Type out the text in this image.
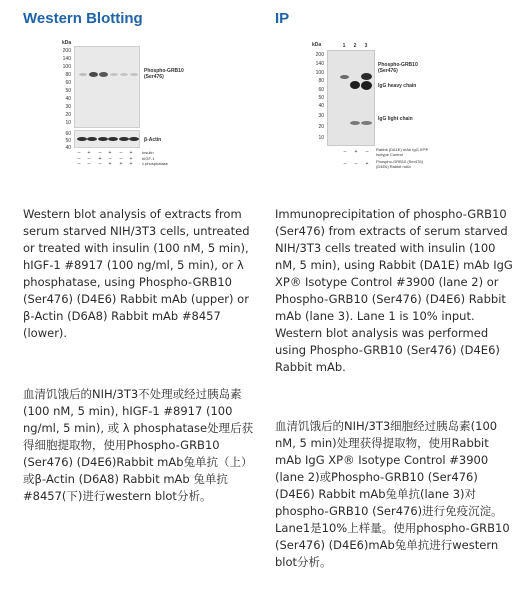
Western Blotting	IP
kDa
200
140
100
80
60
50
40
30
20
10
60
50
40
Phospho-GRB10 (Ser476)
β-Actin
–	+	–	+	–	+	Insulin
–	–	+	–	–	+	hIGF-1
–	–	–	+	+	+	λ phosphatase
kDa	1	2	3
200
140
100
80
60
50
40
30
20
10
Phospho-GRB10 (Ser476)
IgG heavy chain
IgG light chain
–	+	–	Rabbit (DA1E) mAb IgG XP® Isotype Control
–	–	+	Phospho-GRB10 (Ser476) (D4E6) Rabbit mAb
Western blot analysis of extracts from serum starved NIH/3T3 cells, untreated or treated with insulin (100 nM, 5 min), hIGF-1 #8917 (100 ng/ml, 5 min), or λ phosphatase, using Phospho-GRB10 (Ser476) (D4E6) Rabbit mAb (upper) or β-Actin (D6A8) Rabbit mAb #8457 (lower).
血清饥饿后的NIH/3T3不处理或经过胰岛素(100 nM, 5 min), hIGF-1 #8917 (100 ng/ml, 5 min), 或 λ phosphatase处理后获得细胞提取物，使用Phospho-GRB10 (Ser476) (D4E6)Rabbit mAb兔单抗（上）或β-Actin (D6A8) Rabbit mAb 兔单抗 #8457(下)进行western blot分析。
Immunoprecipitation of phospho-GRB10 (Ser476) from extracts of serum starved NIH/3T3 cells treated with insulin (100 nM, 5 min), using Rabbit (DA1E) mAb IgG XP® Isotype Control #3900 (lane 2) or Phospho-GRB10 (Ser476) (D4E6) Rabbit mAb (lane 3). Lane 1 is 10% input. Western blot analysis was performed using Phospho-GRB10 (Ser476) (D4E6) Rabbit mAb.
血清饥饿后的NIH/3T3细胞经过胰岛素(100 nM, 5 min)处理获得提取物，使用Rabbit mAb IgG XP® Isotype Control #3900 (lane 2)或Phospho-GRB10 (Ser476) (D4E6) Rabbit mAb兔单抗(lane 3)对phospho-GRB10 (Ser476)进行免疫沉淀。Lane1是10%上样量。使用phospho-GRB10 (Ser476) (D4E6)mAb兔单抗进行western blot分析。
